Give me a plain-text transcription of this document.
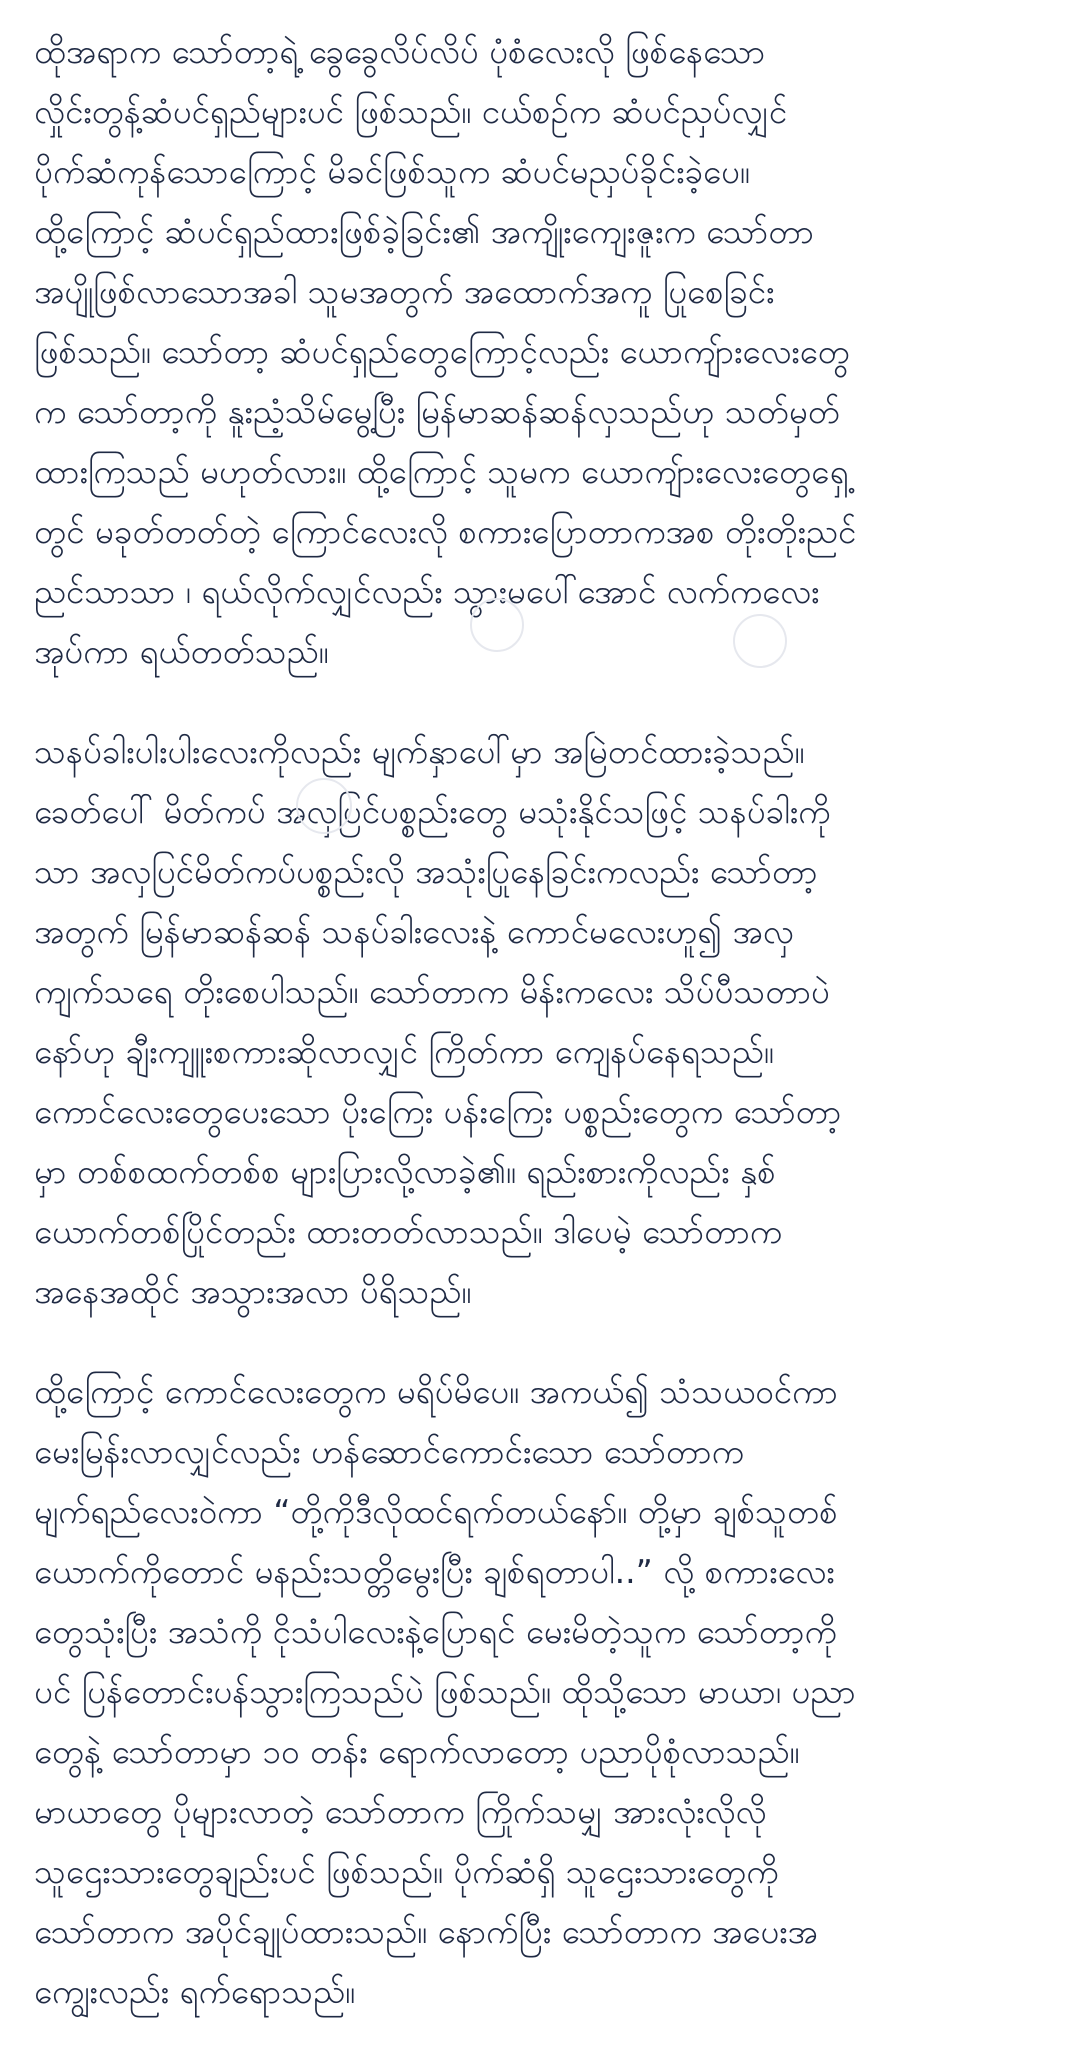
ထိုအရာက သော်တာ့ရဲ့ ခွေခွေလိပ်လိပ် ပုံစံလေးလို ဖြစ်နေသော
လှိုင်းတွန့်ဆံပင်ရှည်များပင် ဖြစ်သည်။ ငယ်စဉ်က ဆံပင်ညှပ်လျှင်
ပိုက်ဆံကုန်သောကြောင့် မိခင်ဖြစ်သူက ဆံပင်မညှပ်ခိုင်းခဲ့ပေ။
ထို့ကြောင့် ဆံပင်ရှည်ထားဖြစ်ခဲ့ခြင်း၏ အကျိုးကျေးဇူးက သော်တာ
အပျိုဖြစ်လာသောအခါ သူမအတွက် အထောက်အကူ ပြုစေခြင်း
ဖြစ်သည်။ သော်တာ့ ဆံပင်ရှည်တွေကြောင့်လည်း ယောကျ်ားလေးတွေ
က သော်တာ့ကို နူးညံ့သိမ်မွေ့ပြီး မြန်မာဆန်ဆန်လှသည်ဟု သတ်မှတ်
ထားကြသည် မဟုတ်လား။ ထို့ကြောင့် သူမက ယောကျ်ားလေးတွေရှေ့
တွင် မခုတ်တတ်တဲ့ ကြောင်လေးလို စကားပြောတာကအစ တိုးတိုးညင်
ညင်သာသာ ၊ ရယ်လိုက်လျှင်လည်း သွားမပေါ်အောင် လက်ကလေး
အုပ်ကာ ရယ်တတ်သည်။

သနပ်ခါးပါးပါးလေးကိုလည်း မျက်နှာပေါ်မှာ အမြဲတင်ထားခဲ့သည်။
ခေတ်ပေါ် မိတ်ကပ် အလှပြင်ပစ္စည်းတွေ မသုံးနိုင်သဖြင့် သနပ်ခါးကို
သာ အလှပြင်မိတ်ကပ်ပစ္စည်းလို အသုံးပြုနေခြင်းကလည်း သော်တာ့
အတွက် မြန်မာဆန်ဆန် သနပ်ခါးလေးနဲ့ ကောင်မလေးဟူ၍ အလှ
ကျက်သရေ တိုးစေပါသည်။ သော်တာက မိန်းကလေး သိပ်ပီသတာပဲ
နော်ဟု ချီးကျူးစကားဆိုလာလျှင် ကြိတ်ကာ ကျေနပ်နေရသည်။
ကောင်လေးတွေပေးသော ပိုးကြေး ပန်းကြေး ပစ္စည်းတွေက သော်တာ့
မှာ တစ်စထက်တစ်စ များပြားလို့လာခဲ့၏။ ရည်းစားကိုလည်း နှစ်
ယောက်တစ်ပြိုင်တည်း ထားတတ်လာသည်။ ဒါပေမဲ့ သော်တာက
အနေအထိုင် အသွားအလာ ပိရိသည်။

ထို့ကြောင့် ကောင်လေးတွေက မရိပ်မိပေ။ အကယ်၍ သံသယဝင်ကာ
မေးမြန်းလာလျှင်လည်း ဟန်ဆောင်ကောင်းသော သော်တာက
မျက်ရည်လေးဝဲကာ “တို့ကိုဒီလိုထင်ရက်တယ်နော်။ တို့မှာ ချစ်သူတစ်
ယောက်ကိုတောင် မနည်းသတ္တိမွေးပြီး ချစ်ရတာပါ..” လို့ စကားလေး
တွေသုံးပြီး အသံကို ငိုသံပါလေးနဲ့ပြောရင် မေးမိတဲ့သူက သော်တာ့ကို
ပင် ပြန်တောင်းပန်သွားကြသည်ပဲ ဖြစ်သည်။ ထိုသို့သော မာယာ၊ ပညာ
တွေနဲ့ သော်တာမှာ ၁၀ တန်း ရောက်လာတော့ ပညာပိုစုံလာသည်။
မာယာတွေ ပိုများလာတဲ့ သော်တာက ကြိုက်သမျှ အားလုံးလိုလို
သူဌေးသားတွေချည်းပင် ဖြစ်သည်။ ပိုက်ဆံရှိ သူဌေးသားတွေကို
သော်တာက အပိုင်ချုပ်ထားသည်။ နောက်ပြီး သော်တာက အပေးအ
ကျွေးလည်း ရက်ရောသည်။
